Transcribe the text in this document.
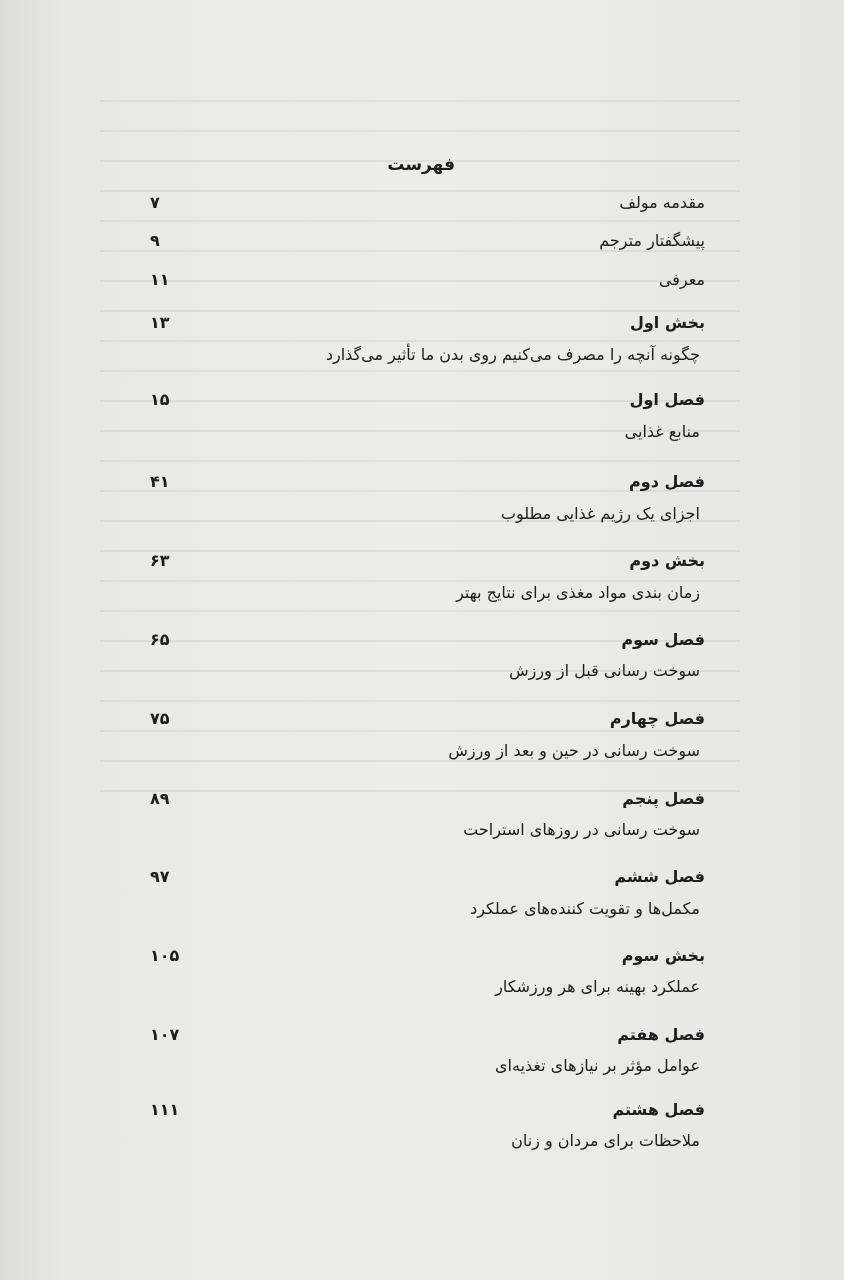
فهرست
مقدمه مولف
۷
پیشگفتار مترجم
۹
معرفی
۱۱
بخش اول
۱۳
چگونه آنچه را مصرف می‌کنیم روی بدن ما تأثیر می‌گذارد
فصل اول
۱۵
منابع غذایی
فصل دوم
۴۱
اجزای یک رژیم غذایی مطلوب
بخش دوم
۶۳
زمان بندی مواد مغذی برای نتایج بهتر
فصل سوم
۶۵
سوخت رسانی قبل از ورزش
فصل چهارم
۷۵
سوخت رسانی در حین و بعد از ورزش
فصل پنجم
۸۹
سوخت رسانی در روزهای استراحت
فصل ششم
۹۷
مکمل‌ها و تقویت کننده‌های عملکرد
بخش سوم
۱۰۵
عملکرد بهینه برای هر ورزشکار
فصل هفتم
۱۰۷
عوامل مؤثر بر نیازهای تغذیه‌ای
فصل هشتم
۱۱۱
ملاحظات برای مردان و زنان
